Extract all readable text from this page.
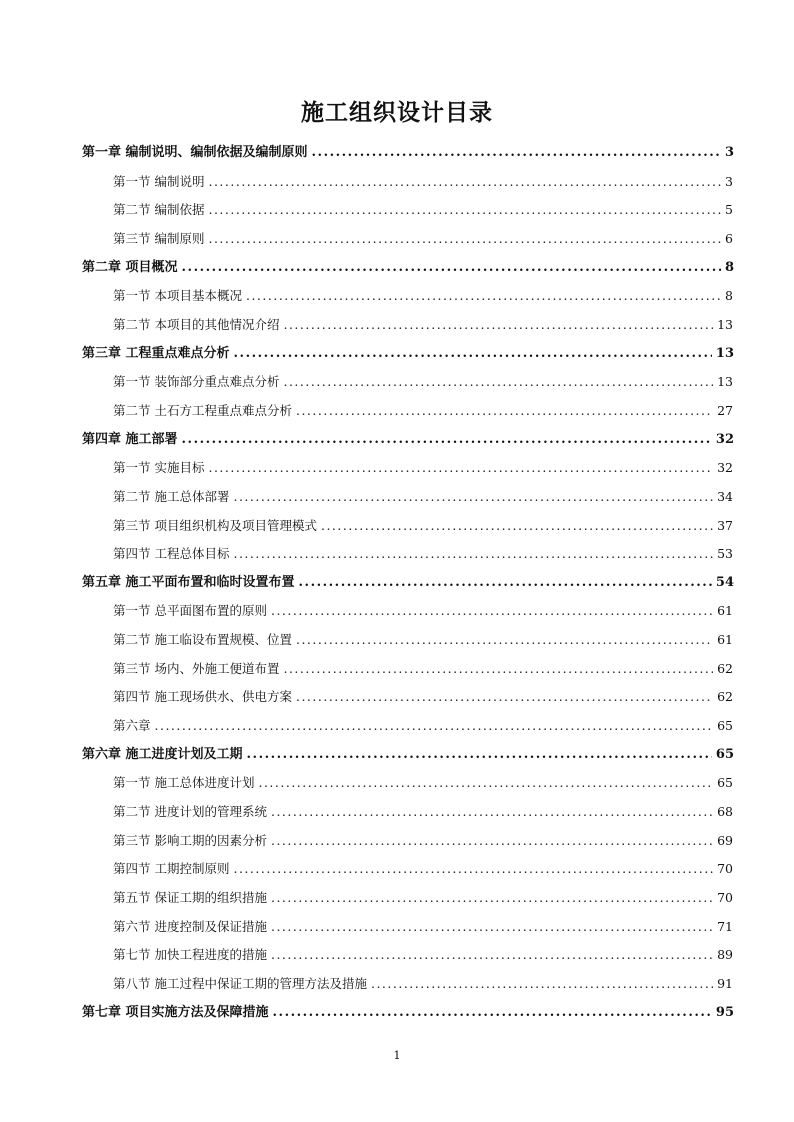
施工组织设计目录
第一章 编制说明、编制依据及编制原则 .....	3
第一节 编制说明 .....	3
第二节 编制依据 .....	5
第三节 编制原则 .....	6
第二章 项目概况 .....	8
第一节 本项目基本概况 .....	8
第二节 本项目的其他情况介绍 .....	13
第三章 工程重点难点分析 .....	13
第一节 装饰部分重点难点分析 .....	13
第二节 土石方工程重点难点分析 .....	27
第四章 施工部署 .....	32
第一节 实施目标 .....	32
第二节 施工总体部署 .....	34
第三节 项目组织机构及项目管理模式 .....	37
第四节 工程总体目标 .....	53
第五章 施工平面布置和临时设置布置 .....	54
第一节 总平面图布置的原则 .....	61
第二节 施工临设布置规模、位置 .....	61
第三节 场内、外施工便道布置 .....	62
第四节 施工现场供水、供电方案 .....	62
第六章 .....	65
第六章 施工进度计划及工期 .....	65
第一节 施工总体进度计划 .....	65
第二节 进度计划的管理系统 .....	68
第三节 影响工期的因素分析 .....	69
第四节 工期控制原则 .....	70
第五节 保证工期的组织措施 .....	70
第六节 进度控制及保证措施 .....	71
第七节 加快工程进度的措施 .....	89
第八节 施工过程中保证工期的管理方法及措施 .....	91
第七章 项目实施方法及保障措施 .....	95
1
